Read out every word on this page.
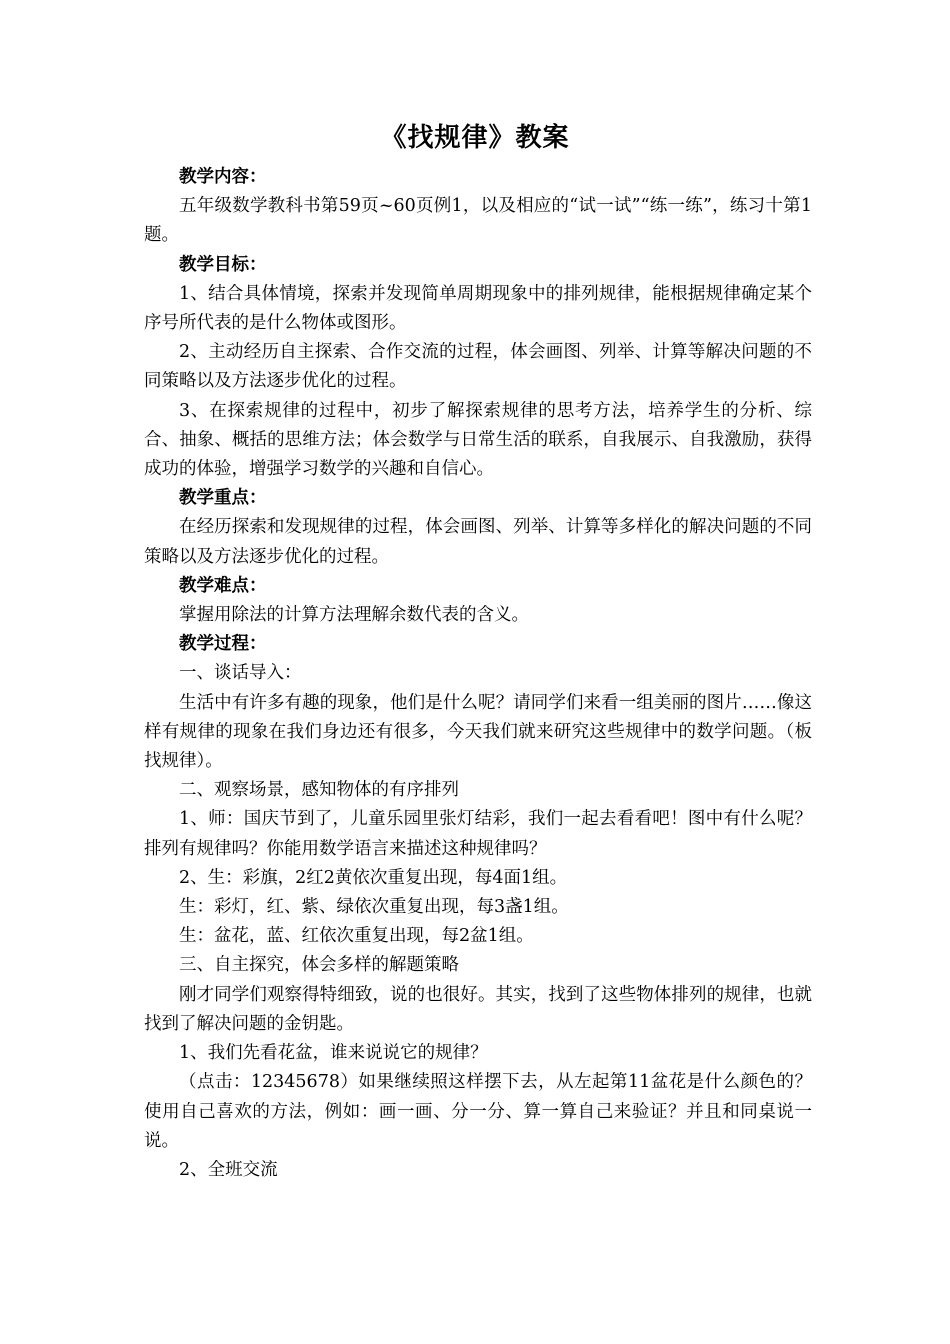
《找规律》教案

教学内容：

五年级数学教科书第59页~60页例1，以及相应的“试一试”“练一练”，练习十第1题。

教学目标：

1、结合具体情境，探索并发现简单周期现象中的排列规律，能根据规律确定某个序号所代表的是什么物体或图形。

2、主动经历自主探索、合作交流的过程，体会画图、列举、计算等解决问题的不同策略以及方法逐步优化的过程。

3、在探索规律的过程中，初步了解探索规律的思考方法，培养学生的分析、综合、抽象、概括的思维方法；体会数学与日常生活的联系，自我展示、自我激励，获得成功的体验，增强学习数学的兴趣和自信心。

教学重点：

在经历探索和发现规律的过程，体会画图、列举、计算等多样化的解决问题的不同策略以及方法逐步优化的过程。

教学难点：

掌握用除法的计算方法理解余数代表的含义。

教学过程：

一、谈话导入：

生活中有许多有趣的现象，他们是什么呢？请同学们来看一组美丽的图片……像这样有规律的现象在我们身边还有很多，今天我们就来研究这些规律中的数学问题。（板找规律）。

二、观察场景，感知物体的有序排列

1、师：国庆节到了，儿童乐园里张灯结彩，我们一起去看看吧！图中有什么呢？排列有规律吗？你能用数学语言来描述这种规律吗？

2、生：彩旗，2红2黄依次重复出现，每4面1组。

生：彩灯，红、紫、绿依次重复出现，每3盏1组。

生：盆花，蓝、红依次重复出现，每2盆1组。

三、自主探究，体会多样的解题策略

刚才同学们观察得特细致，说的也很好。其实，找到了这些物体排列的规律，也就找到了解决问题的金钥匙。

1、我们先看花盆，谁来说说它的规律？

（点击：12345678）如果继续照这样摆下去，从左起第11盆花是什么颜色的？使用自己喜欢的方法，例如：画一画、分一分、算一算自己来验证？并且和同桌说一说。

2、全班交流
